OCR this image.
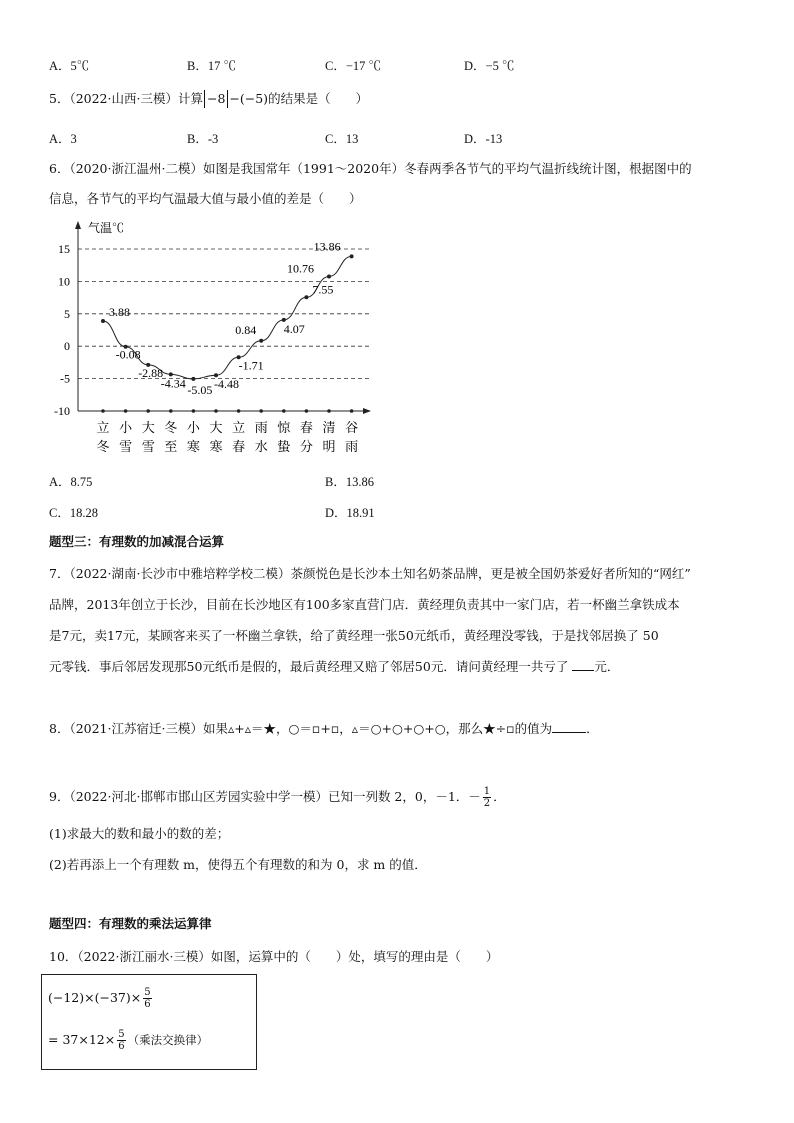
A．5℃	B．17 ℃	C．−17 ℃	D．−5 ℃
5．（2022·山西·三模）计算 −8 −(−5)的结果是（　　）
A．3	B．-3	C．13	D．-13
6．（2020·浙江温州·二模）如图是我国常年（1991～2020年）冬春两季各节气的平均气温折线统计图，根据图中的
信息，各节气的平均气温最大值与最小值的差是（　　）
15
10
5
0
-5
-10
立
冬
小
雪
大
雪
冬
至
小
寒
大
寒
立
春
雨
水
惊
蛰
春
分
清
明
谷
雨
3.88
-0.08
-2.88
-4.34 -5.05 -4.48
-1.71
0.84 4.07
7.55
10.76
13.86
气温℃
A．8.75	B．13.86
C．18.28	D．18.91
题型三：有理数的加减混合运算
7．（2022·湖南·长沙市中雅培粹学校二模）茶颜悦色是长沙本土知名奶茶品牌，更是被全国奶茶爱好者所知的“网红”
品牌，2013年创立于长沙，目前在长沙地区有100多家直营门店．黄经理负责其中一家门店，若一杯幽兰拿铁成本
是7元，卖17元，某顾客来买了一杯幽兰拿铁，给了黄经理一张50元纸币，黄经理没零钱，于是找邻居换了 50
元零钱．事后邻居发现那50元纸币是假的，最后黄经理又赔了邻居50元．请问黄经理一共亏了 元．
8．（2021·江苏宿迁·三模）如果▵+▵＝★，○＝▫+▫，▵＝○+○+○+○，那么★÷▫的值为	．
9．（2022·河北·邯郸市邯山区芳园实验中学一模）已知一列数 2，0，－1．－ $\frac{1}{2}$ ．
(1)求最大的数和最小的数的差；
(2)若再添上一个有理数 m，使得五个有理数的和为 0，求 m 的值．
题型四：有理数的乘法运算律
10．（2022·浙江丽水·三模）如图，运算中的（　　）处，填写的理由是（　　）
$(-12)\times(-37)\times \frac{5}{6}$
= $37\times 12\times \frac{5}{6}$ （乘法交换律）
